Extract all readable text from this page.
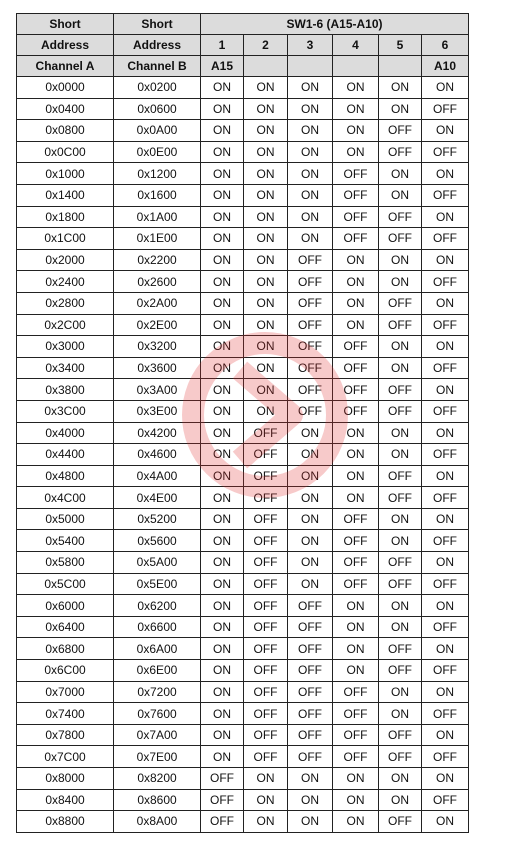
Short	Short	SW1-6 (A15-A10)					
Address	Address	1	2	3	4	5	6
Channel A	Channel B	A15					A10
0x0000	0x0200	ON	ON	ON	ON	ON	ON
0x0400	0x0600	ON	ON	ON	ON	ON	OFF
0x0800	0x0A00	ON	ON	ON	ON	OFF	ON
0x0C00	0x0E00	ON	ON	ON	ON	OFF	OFF
0x1000	0x1200	ON	ON	ON	OFF	ON	ON
0x1400	0x1600	ON	ON	ON	OFF	ON	OFF
0x1800	0x1A00	ON	ON	ON	OFF	OFF	ON
0x1C00	0x1E00	ON	ON	ON	OFF	OFF	OFF
0x2000	0x2200	ON	ON	OFF	ON	ON	ON
0x2400	0x2600	ON	ON	OFF	ON	ON	OFF
0x2800	0x2A00	ON	ON	OFF	ON	OFF	ON
0x2C00	0x2E00	ON	ON	OFF	ON	OFF	OFF
0x3000	0x3200	ON	ON	OFF	OFF	ON	ON
0x3400	0x3600	ON	ON	OFF	OFF	ON	OFF
0x3800	0x3A00	ON	ON	OFF	OFF	OFF	ON
0x3C00	0x3E00	ON	ON	OFF	OFF	OFF	OFF
0x4000	0x4200	ON	OFF	ON	ON	ON	ON
0x4400	0x4600	ON	OFF	ON	ON	ON	OFF
0x4800	0x4A00	ON	OFF	ON	ON	OFF	ON
0x4C00	0x4E00	ON	OFF	ON	ON	OFF	OFF
0x5000	0x5200	ON	OFF	ON	OFF	ON	ON
0x5400	0x5600	ON	OFF	ON	OFF	ON	OFF
0x5800	0x5A00	ON	OFF	ON	OFF	OFF	ON
0x5C00	0x5E00	ON	OFF	ON	OFF	OFF	OFF
0x6000	0x6200	ON	OFF	OFF	ON	ON	ON
0x6400	0x6600	ON	OFF	OFF	ON	ON	OFF
0x6800	0x6A00	ON	OFF	OFF	ON	OFF	ON
0x6C00	0x6E00	ON	OFF	OFF	ON	OFF	OFF
0x7000	0x7200	ON	OFF	OFF	OFF	ON	ON
0x7400	0x7600	ON	OFF	OFF	OFF	ON	OFF
0x7800	0x7A00	ON	OFF	OFF	OFF	OFF	ON
0x7C00	0x7E00	ON	OFF	OFF	OFF	OFF	OFF
0x8000	0x8200	OFF	ON	ON	ON	ON	ON
0x8400	0x8600	OFF	ON	ON	ON	ON	OFF
0x8800	0x8A00	OFF	ON	ON	ON	OFF	ON
